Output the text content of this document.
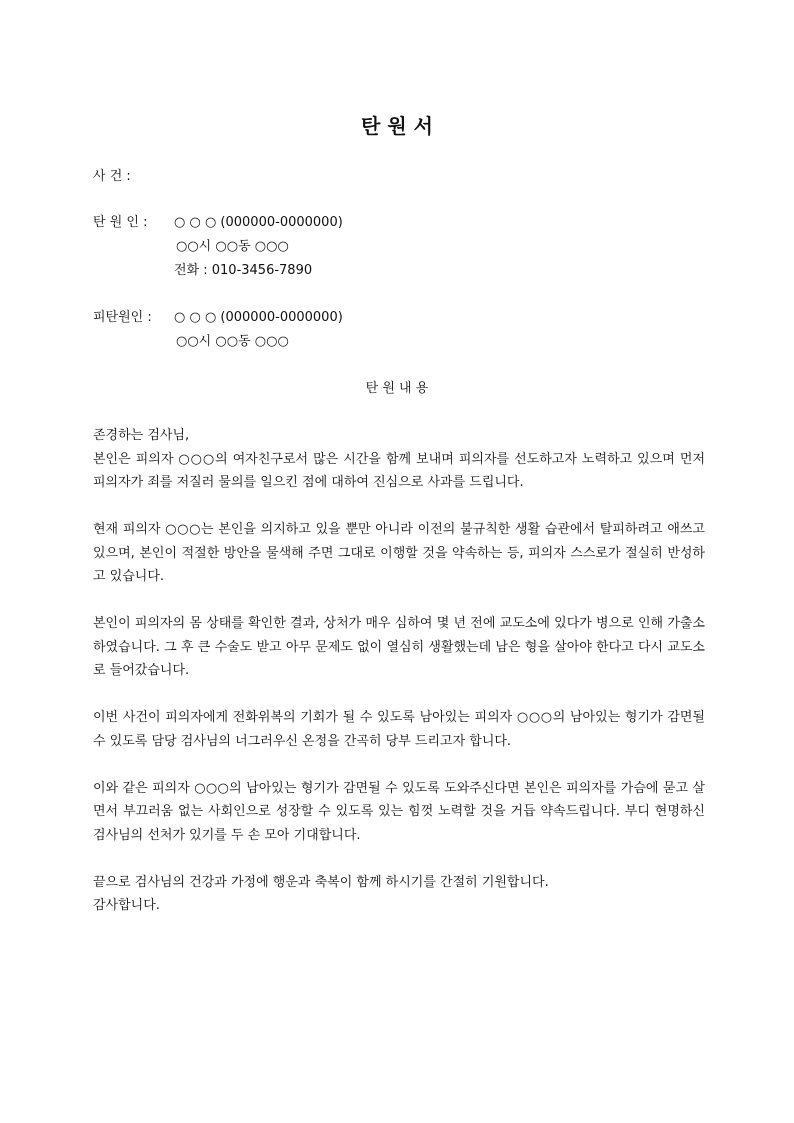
탄 원 서
사 건 :
탄 원 인 : ○ ○ ○ (000000-0000000)
○○시 ○○동 ○○○
전화 : 010-3456-7890
피탄원인 : ○ ○ ○ (000000-0000000)
○○시 ○○동 ○○○
탄 원 내 용

존경하는 검사님,

본인은 피의자 ○○○의 여자친구로서 많은 시간을 함께 보내며 피의자를 선도하고자 노력하고 있으며 먼저 피의자가 죄를 저질러 물의를 일으킨 점에 대하여 진심으로 사과를 드립니다.

현재 피의자 ○○○는 본인을 의지하고 있을 뿐만 아니라 이전의 불규칙한 생활 습관에서 탈피하려고 애쓰고 있으며, 본인이 적절한 방안을 물색해 주면 그대로 이행할 것을 약속하는 등, 피의자 스스로가 절실히 반성하고 있습니다.

본인이 피의자의 몸 상태를 확인한 결과, 상처가 매우 심하여 몇 년 전에 교도소에 있다가 병으로 인해 가출소하였습니다. 그 후 큰 수술도 받고 아무 문제도 없이 열심히 생활했는데 남은 형을 살아야 한다고 다시 교도소로 들어갔습니다.

이번 사건이 피의자에게 전화위복의 기회가 될 수 있도록 남아있는 피의자 ○○○의 남아있는 형기가 감면될 수 있도록 담당 검사님의 너그러우신 온정을 간곡히 당부 드리고자 합니다.

이와 같은 피의자 ○○○의 남아있는 형기가 감면될 수 있도록 도와주신다면 본인은 피의자를 가슴에 묻고 살면서 부끄러움 없는 사회인으로 성장할 수 있도록 있는 힘껏 노력할 것을 거듭 약속드립니다. 부디 현명하신 검사님의 선처가 있기를 두 손 모아 기대합니다.

끝으로 검사님의 건강과 가정에 행운과 축복이 함께 하시기를 간절히 기원합니다.

감사합니다.
